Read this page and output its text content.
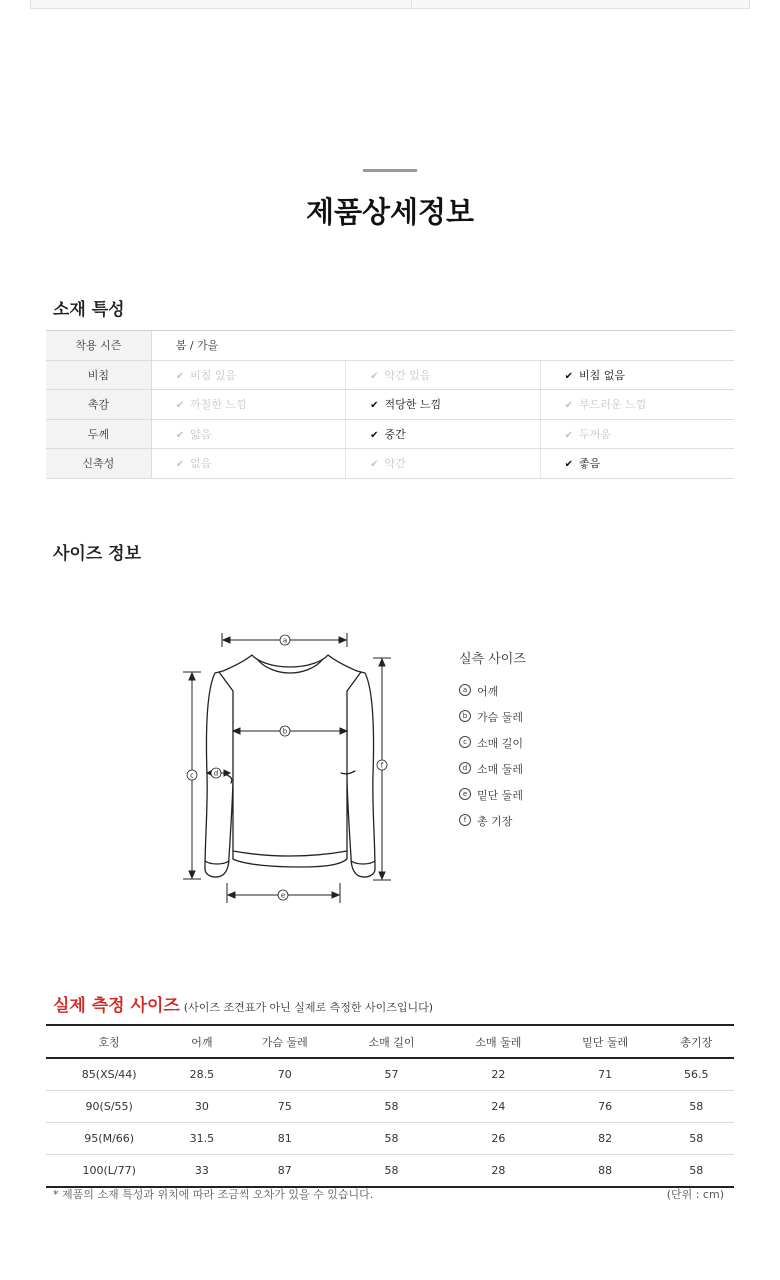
제품상세정보
소재 특성
착용 시즌	봄 / 가을		
비침	✔ 비침 있음	✔ 약간 있음	✔ 비침 없음
촉감	✔ 까칠한 느낌	✔ 적당한 느낌	✔ 부드러운 느낌
두께	✔ 얇음	✔ 중간	✔ 두꺼움
신축성	✔ 없음	✔ 약간	✔ 좋음
사이즈 정보
a
b
c	d
e
f
실측 사이즈
a 어깨
b 가슴 둘레
c 소매 길이
d 소매 둘레
e 밑단 둘레
f 총 기장
실제 측정 사이즈 (사이즈 조견표가 아닌 실제로 측정한 사이즈입니다)
호칭	어깨	가슴 둘레	소매 길이	소매 둘레	밑단 둘레	총기장
85(XS/44)	28.5	70	57	22	71	56.5
90(S/55)	30	75	58	24	76	58
95(M/66)	31.5	81	58	26	82	58
100(L/77)	33	87	58	28	88	58
* 제품의 소재 특성과 위치에 따라 조금씩 오차가 있을 수 있습니다.	(단위 : cm)
